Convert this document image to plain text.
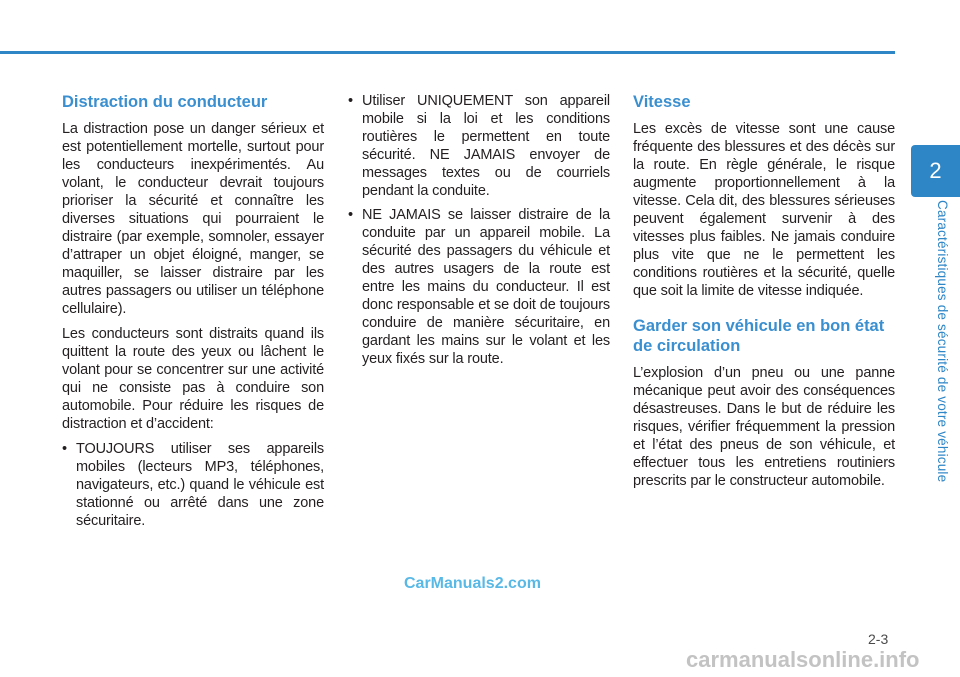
Distraction du conducteur

La distraction pose un danger sérieux et est potentiellement mortelle, surtout pour les conducteurs inexpérimentés. Au volant, le conducteur devrait toujours prioriser la sécurité et connaître les diverses situations qui pourraient le distraire (par exemple, somnoler, essayer d’attraper un objet éloigné, manger, se maquiller, se laisser distraire par les autres passagers ou utiliser un téléphone cellulaire).

Les conducteurs sont distraits quand ils quittent la route des yeux ou lâchent le volant pour se concentrer sur une activité qui ne consiste pas à conduire son automobile. Pour réduire les risques de distraction et d’accident:

• TOUJOURS utiliser ses appareils mobiles (lecteurs MP3, téléphones, navigateurs, etc.) quand le véhicule est stationné ou arrêté dans une zone sécuritaire.
• Utiliser UNIQUEMENT son appareil mobile si la loi et les conditions routières le permettent en toute sécurité. NE JAMAIS envoyer de messages textes ou de courriels pendant la conduite.
• NE JAMAIS se laisser distraire de la conduite par un appareil mobile. La sécurité des passagers du véhicule et des autres usagers de la route est entre les mains du conducteur. Il est donc responsable et se doit de toujours conduire de manière sécuritaire, en gardant les mains sur le volant et les yeux fixés sur la route.
Vitesse

Les excès de vitesse sont une cause fréquente des blessures et des décès sur la route. En règle générale, le risque augmente proportionnellement à la vitesse. Cela dit, des blessures sérieuses peuvent également survenir à des vitesses plus faibles. Ne jamais conduire plus vite que ne le permettent les conditions routières et la sécurité, quelle que soit la limite de vitesse indiquée.

Garder son véhicule en bon état de circulation

L’explosion d’un pneu ou une panne mécanique peut avoir des conséquences désastreuses. Dans le but de réduire les risques, vérifier fréquemment la pression et l’état des pneus de son véhicule, et effectuer tous les entretiens routiniers prescrits par le constructeur automobile.

2
Caractéristiques de sécurité de votre véhicule
CarManuals2.com
2-3
carmanualsonline.info
